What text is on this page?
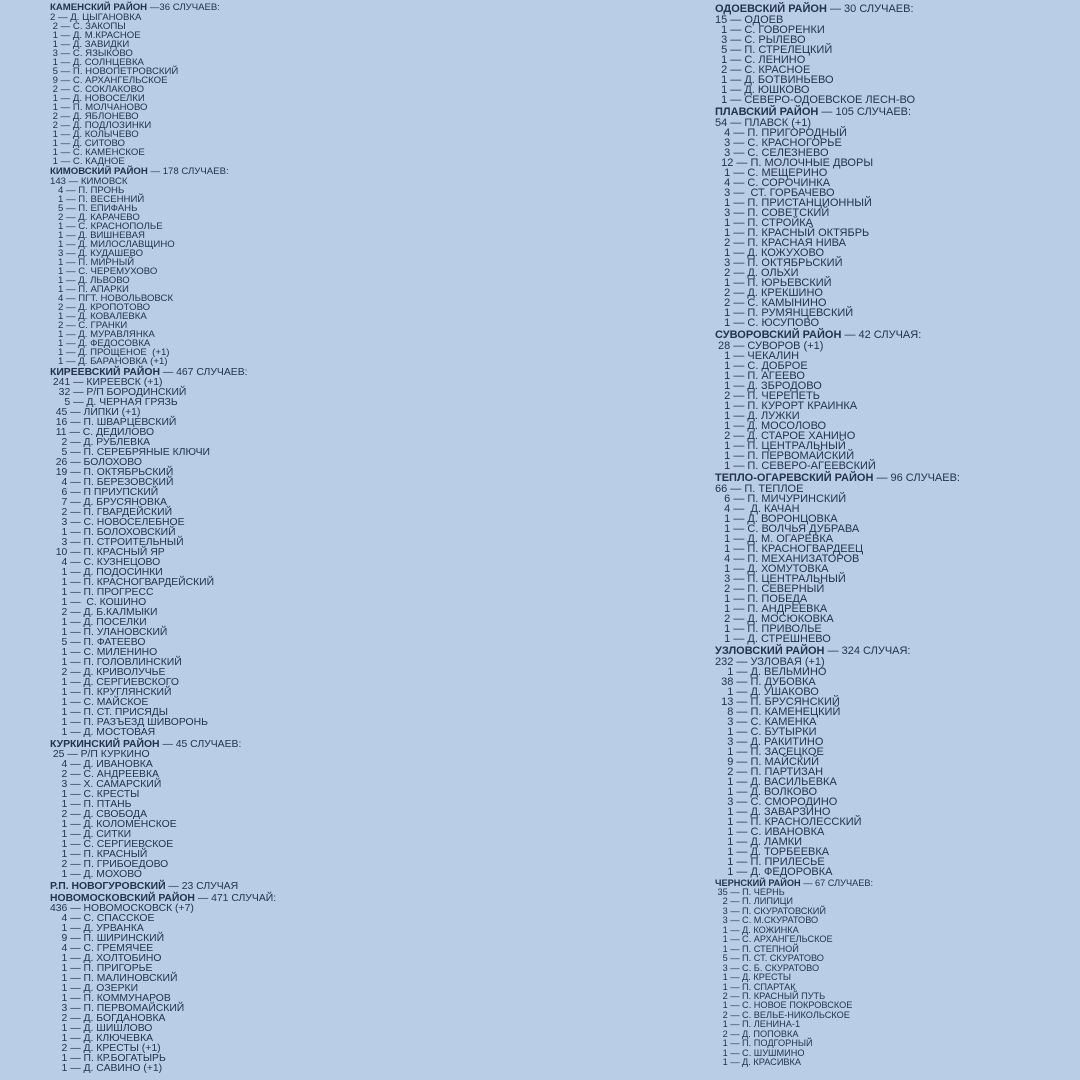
КАМЕНСКИЙ РАЙОН —36 СЛУЧАЕВ:
2 — Д. ЦЫГАНОВКА
2 — С. ЗАКОПЫ
1 — Д. М.КРАСНОЕ
1 — Д. ЗАВИДКИ
3 — С. ЯЗЫКОВО
1 — Д. СОЛНЦЕВКА
5 — П. НОВОПЕТРОВСКИЙ
9 — С. АРХАНГЕЛЬСКОЕ
2 — С. СОКЛАКОВО
1 — Д. НОВОСЕЛКИ
1 — П. МОЛЧАНОВО
2 — Д. ЯБЛОНЕВО
2 — Д. ПОДЛОЗИНКИ
1 — Д. КОЛЫЧЕВО
1 — Д. СИТОВО
1 — С. КАМЕНСКОЕ
1 — С. КАДНОЕ
КИМОВСКИЙ РАЙОН — 178 СЛУЧАЕВ:
143 — КИМОВСК
4 — П. ПРОНЬ
1 — П. ВЕСЕННИЙ
5 — П. ЕПИФАНЬ
2 — Д. КАРАЧЕВО
1 — С. КРАСНОПОЛЬЕ
1 — Д. ВИШНЕВАЯ
1 — Д. МИЛОСЛАВЩИНО
3 — Д. КУДАШЕВО
1 — П. МИРНЫЙ
1 — С. ЧЕРЕМУХОВО
1 — Д. ЛЬВОВО
1 — П. АПАРКИ
4 — ПГТ. НОВОЛЬВОВСК
2 — Д. КРОПОТОВО
1 — Д. КОВАЛЕВКА
2 — С. ГРАНКИ
1 — Д. МУРАВЛЯНКА
1 — Д. ФЕДОСОВКА
1 — Д. ПРОЩЕНОЕ  (+1)
1 — Д. БАРАНОВКА (+1)
КИРЕЕВСКИЙ РАЙОН — 467 СЛУЧАЕВ:
241 — КИРЕЕВСК (+1)
32 — Р/П БОРОДИНСКИЙ
5 — Д. ЧЕРНАЯ ГРЯЗЬ
45 — ЛИПКИ (+1)
16 — П. ШВАРЦЕВСКИЙ
11 — С. ДЕДИЛОВО
2 — Д. РУБЛЕВКА
5 — П. СЕРЕБРЯНЫЕ КЛЮЧИ
26 — БОЛОХОВО
19 — П. ОКТЯБРЬСКИЙ
4 — П. БЕРЕЗОВСКИЙ
6 — П ПРИУПСКИЙ
7 — Д. БРУСЯНОВКА
2 — П. ГВАРДЕЙСКИЙ
3 — С. НОВОСЕЛЕБНОЕ
1 — П. БОЛОХОВСКИЙ
3 — П. СТРОИТЕЛЬНЫЙ
10 — П. КРАСНЫЙ ЯР
4 — С. КУЗНЕЦОВО
1 — Д. ПОДОСИНКИ
1 — П. КРАСНОГВАРДЕЙСКИЙ
1 — П. ПРОГРЕСС
1 —  С. КОШИНО
2 — Д. Б.КАЛМЫКИ
1 — Д. ПОСЕЛКИ
1 — П. УЛАНОВСКИЙ
5 — П. ФАТЕЕВО
1 — С. МИЛЕНИНО
1 — П. ГОЛОВЛИНСКИЙ
2 — Д. КРИВОЛУЧЬЕ
1 — Д. СЕРГИЕВСКОГО
1 — П. КРУГЛЯНСКИЙ
1 — С. МАЙСКОЕ
1 — П. СТ. ПРИСЯДЫ
1 — П. РАЗЪЕЗД ШИВОРОНЬ
1 — Д. МОСТОВАЯ
КУРКИНСКИЙ РАЙОН — 45 СЛУЧАЕВ:
25 — Р/П КУРКИНО
4 — Д. ИВАНОВКА
2 — С. АНДРЕЕВКА
3 — Х. САМАРСКИЙ
1 — С. КРЕСТЫ
1 — П. ПТАНЬ
2 — Д. СВОБОДА
1 — Д. КОЛОМЕНСКОЕ
1 — Д. СИТКИ
1 — С. СЕРГИЕВСКОЕ
1 — П. КРАСНЫЙ
2 — П. ГРИБОЕДОВО
1 — Д. МОХОВО
Р.П. НОВОГУРОВСКИЙ — 23 СЛУЧАЯ
НОВОМОСКОВСКИЙ РАЙОН — 471 СЛУЧАЙ:
436 — НОВОМОСКОВСК (+7)
4 — С. СПАССКОЕ
1 — Д. УРВАНКА
9 — П. ШИРИНСКИЙ
4 — С. ГРЕМЯЧЕЕ
1 — Д. ХОЛТОБИНО
1 — П. ПРИГОРЬЕ
1 — П. МАЛИНОВСКИЙ
1 — Д. ОЗЕРКИ
1 — П. КОММУНАРОВ
3 — П. ПЕРВОМАЙСКИЙ
2 — Д. БОГДАНОВКА
1 — Д. ШИШЛОВО
1 — Д. КЛЮЧЕВКА
2 — Д. КРЕСТЫ (+1)
1 — П. КР.БОГАТЫРЬ
1 — Д. САВИНО (+1)
ОДОЕВСКИЙ РАЙОН — 30 СЛУЧАЕВ:
15 — ОДОЕВ
1 — С. ГОВОРЕНКИ
3 — С. РЫЛЕВО
5 — П. СТРЕЛЕЦКИЙ
1 — С. ЛЕНИНО
2 — С. КРАСНОЕ
1 — Д. БОТВИНЬЕВО
1 — Д. ЮШКОВО
1 — СЕВЕРО-ОДОЕВСКОЕ ЛЕСН-ВО
ПЛАВСКИЙ РАЙОН — 105 СЛУЧАЕВ:
54 — ПЛАВСК (+1)
4 — П. ПРИГОРОДНЫЙ
3 — С. КРАСНОГОРЬЕ
3 — С. СЕЛЕЗНЕВО
12 — П. МОЛОЧНЫЕ ДВОРЫ
1 — С. МЕЩЕРИНО
4 — С. СОРОЧИНКА
3 —  СТ. ГОРБАЧЕВО
1 — П. ПРИСТАНЦИОННЫЙ
3 — П. СОВЕТСКИЙ
1 — П. СТРОЙКА
1 — П. КРАСНЫЙ ОКТЯБРЬ
2 — П. КРАСНАЯ НИВА
1 — Д. КОЖУХОВО
3 — П. ОКТЯБРЬСКИЙ
2 — Д. ОЛЬХИ
1 — П. ЮРЬЕВСКИЙ
2 — Д. КРЕКШИНО
2 — С. КАМЫНИНО
1 — П. РУМЯНЦЕВСКИЙ
1 — С. ЮСУПОВО
СУВОРОВСКИЙ РАЙОН — 42 СЛУЧАЯ:
28 — СУВОРОВ (+1)
1 — ЧЕКАЛИН
1 — С. ДОБРОЕ
1 — П. АГЕЕВО
1 — Д. ЗБРОДОВО
2 — П. ЧЕРЕПЕТЬ
1 — П. КУРОРТ КРАИНКА
1 — Д. ЛУЖКИ
1 — Д. МОСОЛОВО
2 — Д. СТАРОЕ ХАНИНО
1 — П. ЦЕНТРАЛЬНЫЙ
1 — П. ПЕРВОМАЙСКИЙ
1 — П. СЕВЕРО-АГЕЕВСКИЙ
ТЕПЛО-ОГАРЕВСКИЙ РАЙОН — 96 СЛУЧАЕВ:
66 — П. ТЕПЛОЕ
6 — П. МИЧУРИНСКИЙ
4 —  Д. КАЧАН
1 — Д. ВОРОНЦОВКА
1 — С. ВОЛЧЬЯ ДУБРАВА
1 — Д. М. ОГАРЕВКА
1 — П. КРАСНОГВАРДЕЕЦ
4 — П. МЕХАНИЗАТОРОВ
1 — Д. ХОМУТОВКА
3 — П. ЦЕНТРАЛЬНЫЙ
2 — П. СЕВЕРНЫЙ
1 — П. ПОБЕДА
1 — П. АНДРЕЕВКА
2 — Д. МОСЮКОВКА
1 — П. ПРИВОЛЬЕ
1 — Д. СТРЕШНЕВО
УЗЛОВСКИЙ РАЙОН — 324 СЛУЧАЯ:
232 — УЗЛОВАЯ (+1)
1 — Д. ВЕЛЬМИНО
38 — П. ДУБОВКА
1 — Д. УШАКОВО
13 — П. БРУСЯНСКИЙ
8 — П. КАМЕНЕЦКИЙ
3 — С. КАМЕНКА
1 — С. БУТЫРКИ
3 — Д. РАКИТИНО
1 — П. ЗАСЕЦКОЕ
9 — П. МАЙСКИЙ
2 — П. ПАРТИЗАН
1 — Д. ВАСИЛЬЕВКА
1 — Д. ВОЛКОВО
3 — С. СМОРОДИНО
1 — Д. ЗАВАРЗИНО
1 — П. КРАСНОЛЕССКИЙ
1 — С. ИВАНОВКА
1 — Д. ЛАМКИ
1 — Д. ТОРБЕЕВКА
1 — П. ПРИЛЕСЬЕ
1 — Д. ФЕДОРОВКА
ЧЕРНСКИЙ РАЙОН — 67 СЛУЧАЕВ:
35 — П. ЧЕРНЬ
2 — П. ЛИПИЦИ
3 — П. СКУРАТОВСКИЙ
3 — С. М.СКУРАТОВО
1 — Д. КОЖИНКА
1 — С. АРХАНГЕЛЬСКОЕ
1 — П. СТЕПНОЙ
5 — П. СТ. СКУРАТОВО
3 — С. Б. СКУРАТОВО
1 — Д. КРЕСТЫ
1 — П. СПАРТАК
2 — П. КРАСНЫЙ ПУТЬ
1 — С. НОВОЕ ПОКРОВСКОЕ
2 — С. ВЕЛЬЕ-НИКОЛЬСКОЕ
1 — П. ЛЕНИНА-1
2 — Д. ПОПОВКА
1 — П. ПОДГОРНЫЙ
1 — С. ШУШМИНО
1 — Д. КРАСИВКА
